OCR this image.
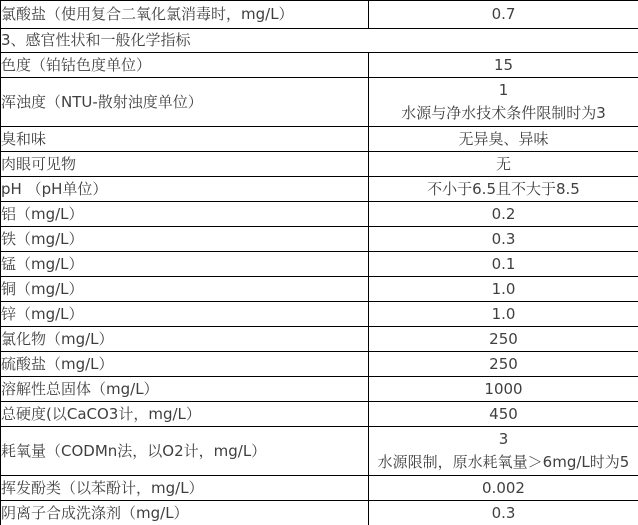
氯酸盐（使用复合二氧化氯消毒时，mg/L）	0.7

3、感官性状和一般化学指标	
色度（铂钴色度单位）	15

浑浊度（NTU-散射浊度单位）	1
水源与净水技术条件限制时为3

臭和味	无异臭、异味

肉眼可见物	无

pH （pH单位）	不小于6.5且不大于8.5

铝（mg/L）	0.2

铁（mg/L）	0.3

锰（mg/L）	0.1

铜（mg/L）	1.0

锌（mg/L）	1.0

氯化物（mg/L）	250

硫酸盐（mg/L）	250

溶解性总固体（mg/L）	1000

总硬度(以CaCO3计，mg/L）	450

耗氧量（CODMn法，以O2计，mg/L）	3
水源限制，原水耗氧量＞6mg/L时为5

挥发酚类（以苯酚计，mg/L）	0.002

阴离子合成洗涤剂（mg/L）	0.3
